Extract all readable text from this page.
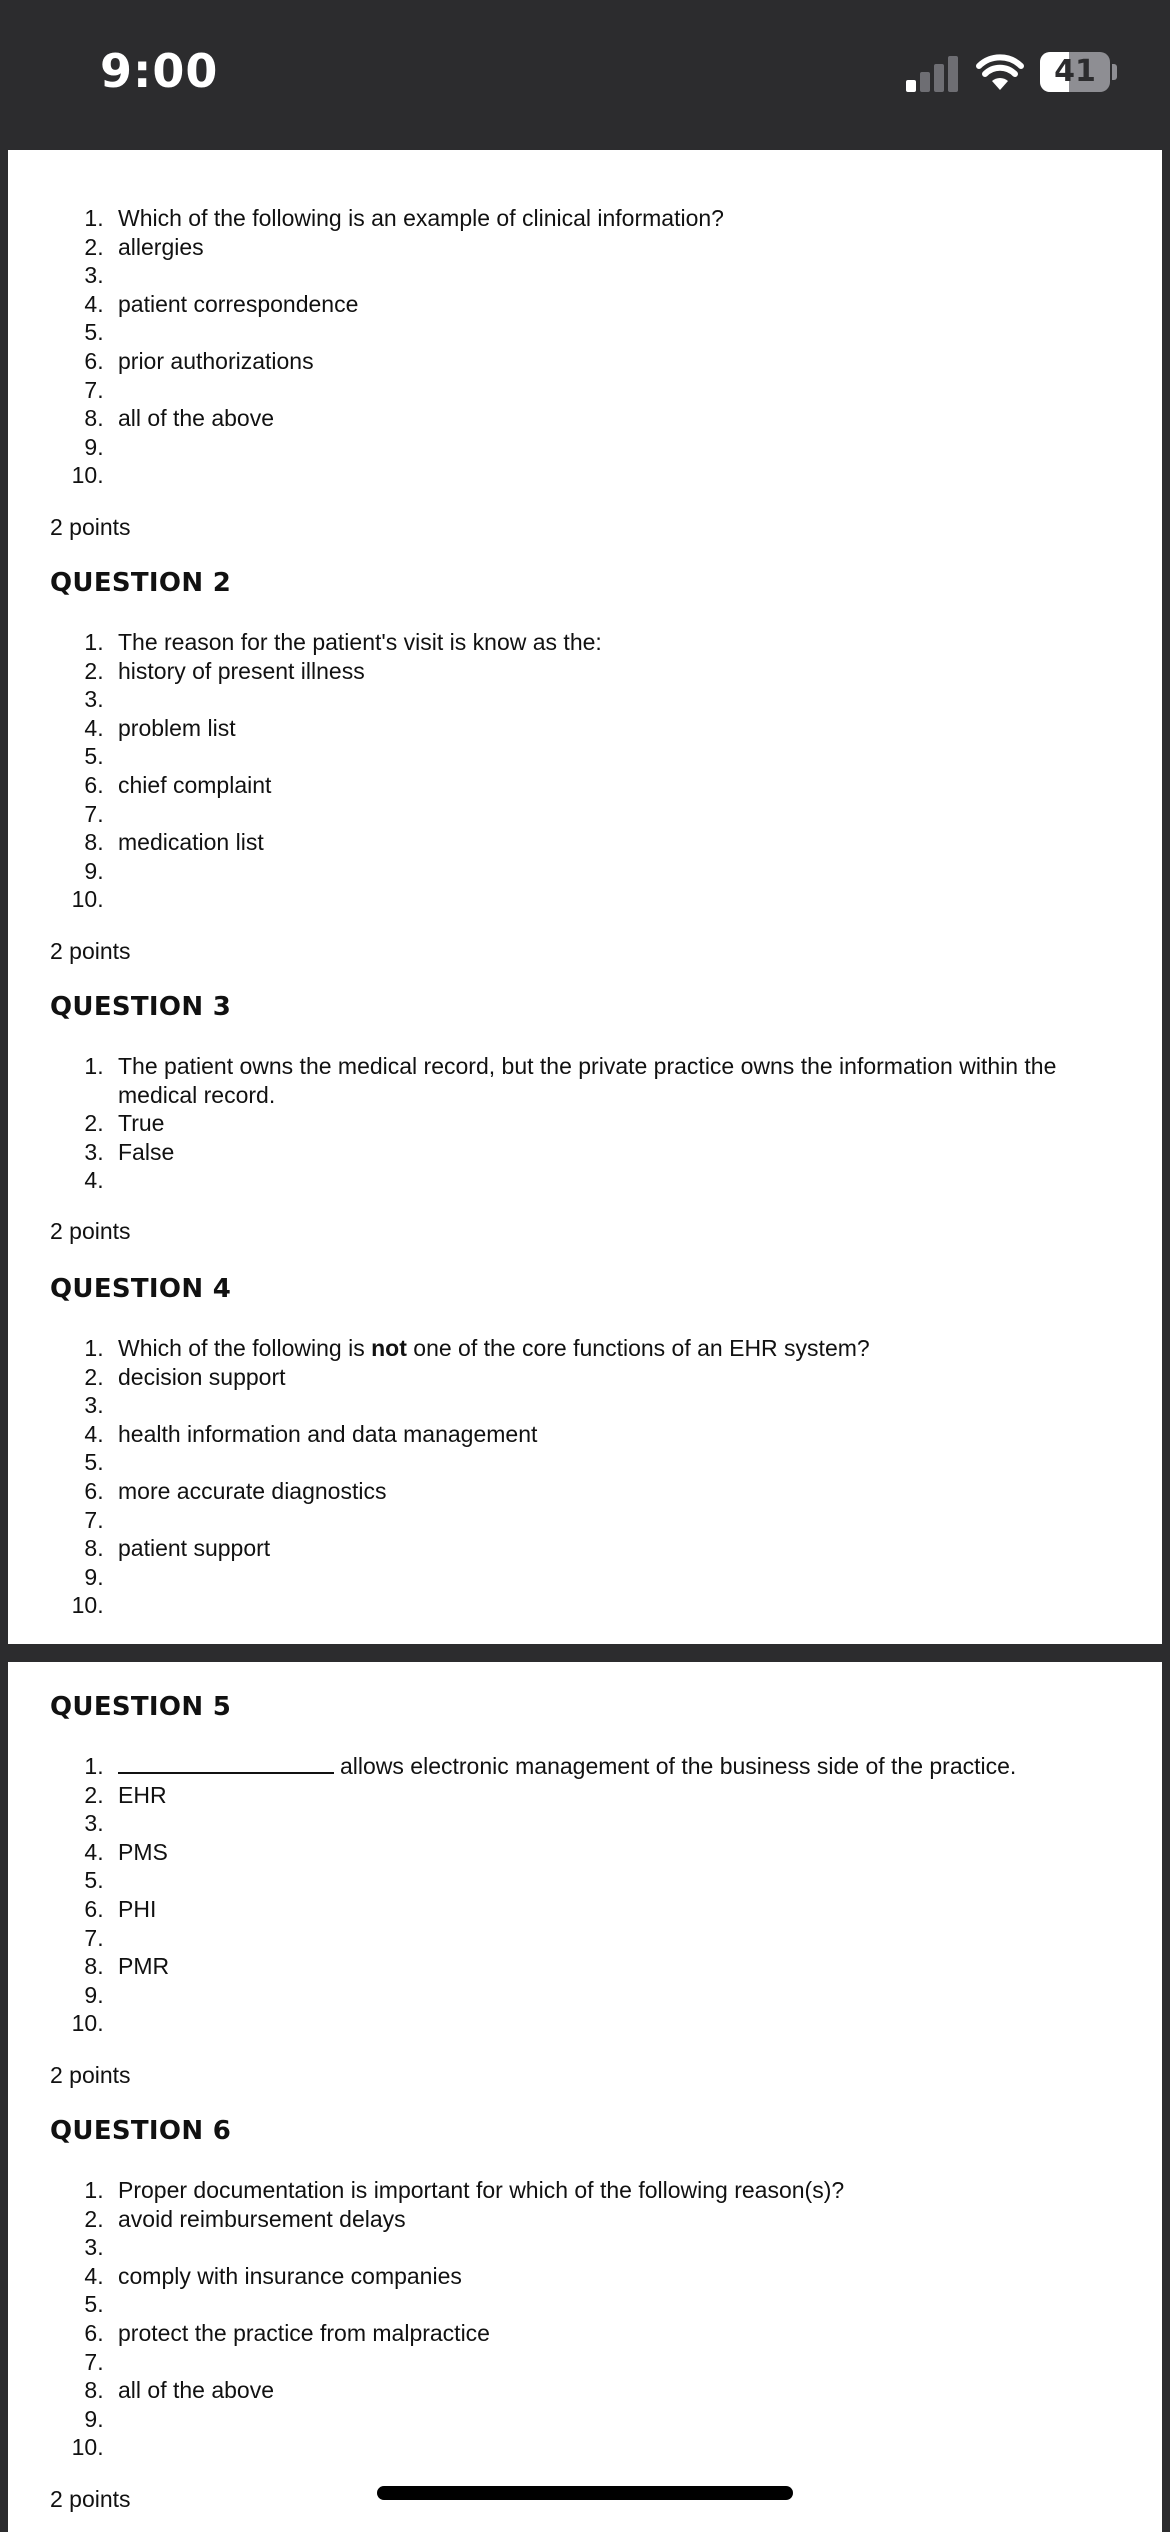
9:00	41
1. Which of the following is an example of clinical information?
2. allergies
3.
4. patient correspondence
5.
6. prior authorizations
7.
8. all of the above
9.
10.
2 points
QUESTION 2
1. The reason for the patient's visit is know as the:
2. history of present illness
3.
4. problem list
5.
6. chief complaint
7.
8. medication list
9.
10.
2 points
QUESTION 3
1. The patient owns the medical record, but the private practice owns the information within the medical record.
2. True
3. False
4.
2 points
QUESTION 4
1. Which of the following is not one of the core functions of an EHR system?
2. decision support
3.
4. health information and data management
5.
6. more accurate diagnostics
7.
8. patient support
9.
10.
QUESTION 5
1. allows electronic management of the business side of the practice.
2. EHR
3.
4. PMS
5.
6. PHI
7.
8. PMR
9.
10.
2 points
QUESTION 6
1. Proper documentation is important for which of the following reason(s)?
2. avoid reimbursement delays
3.
4. comply with insurance companies
5.
6. protect the practice from malpractice
7.
8. all of the above
9.
10.
2 points
